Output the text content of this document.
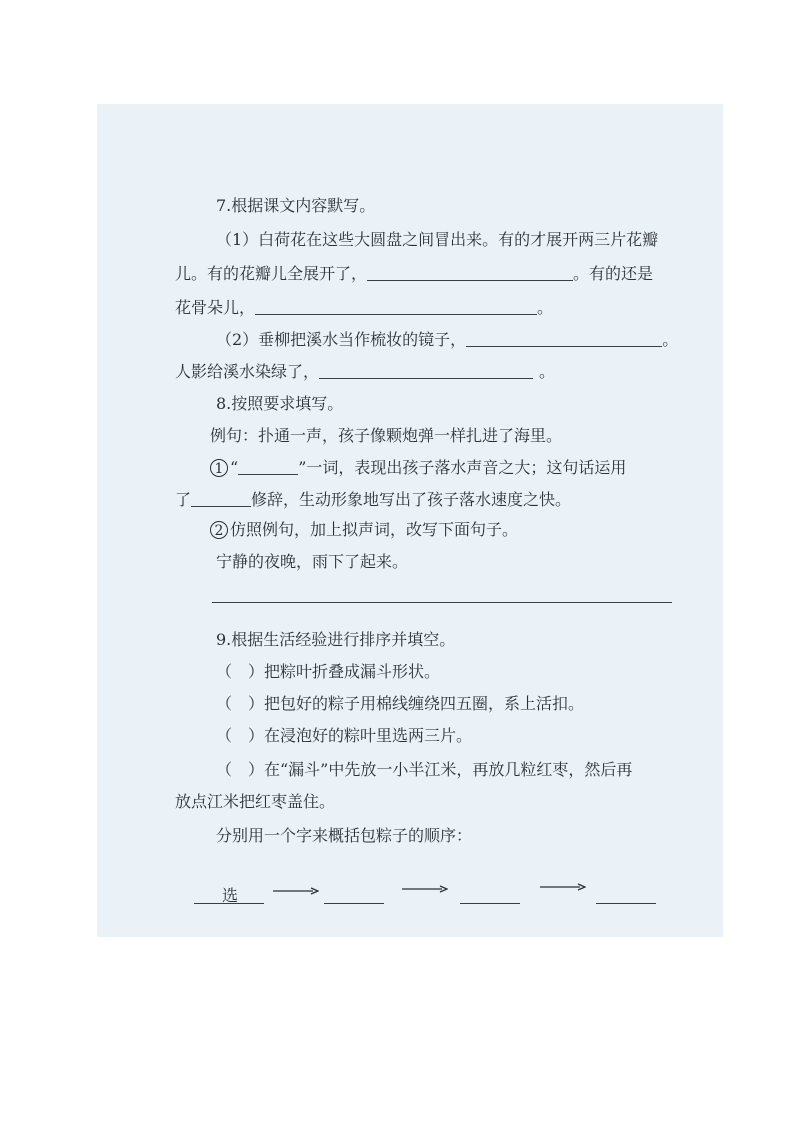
7.根据课文内容默写。
（1）白荷花在这些大圆盘之间冒出来。有的才展开两三片花瓣
儿。有的花瓣儿全展开了，	。有的还是
花骨朵儿，	。
（2）垂柳把溪水当作梳妆的镜子，	。
人影给溪水染绿了，	。
8.按照要求填写。
例句：扑通一声，孩子像颗炮弹一样扎进了海里。
1 “	”一词，表现出孩子落水声音之大；这句话运用
了	修辞，生动形象地写出了孩子落水速度之快。
2 仿照例句，加上拟声词，改写下面句子。
宁静的夜晚，雨下了起来。
9.根据生活经验进行排序并填空。
（　）把粽叶折叠成漏斗形状。
（　）把包好的粽子用棉线缠绕四五圈，系上活扣。
（　）在浸泡好的粽叶里选两三片。
（　）在“漏斗”中先放一小半江米，再放几粒红枣，然后再
放点江米把红枣盖住。
分别用一个字来概括包粽子的顺序：
选
